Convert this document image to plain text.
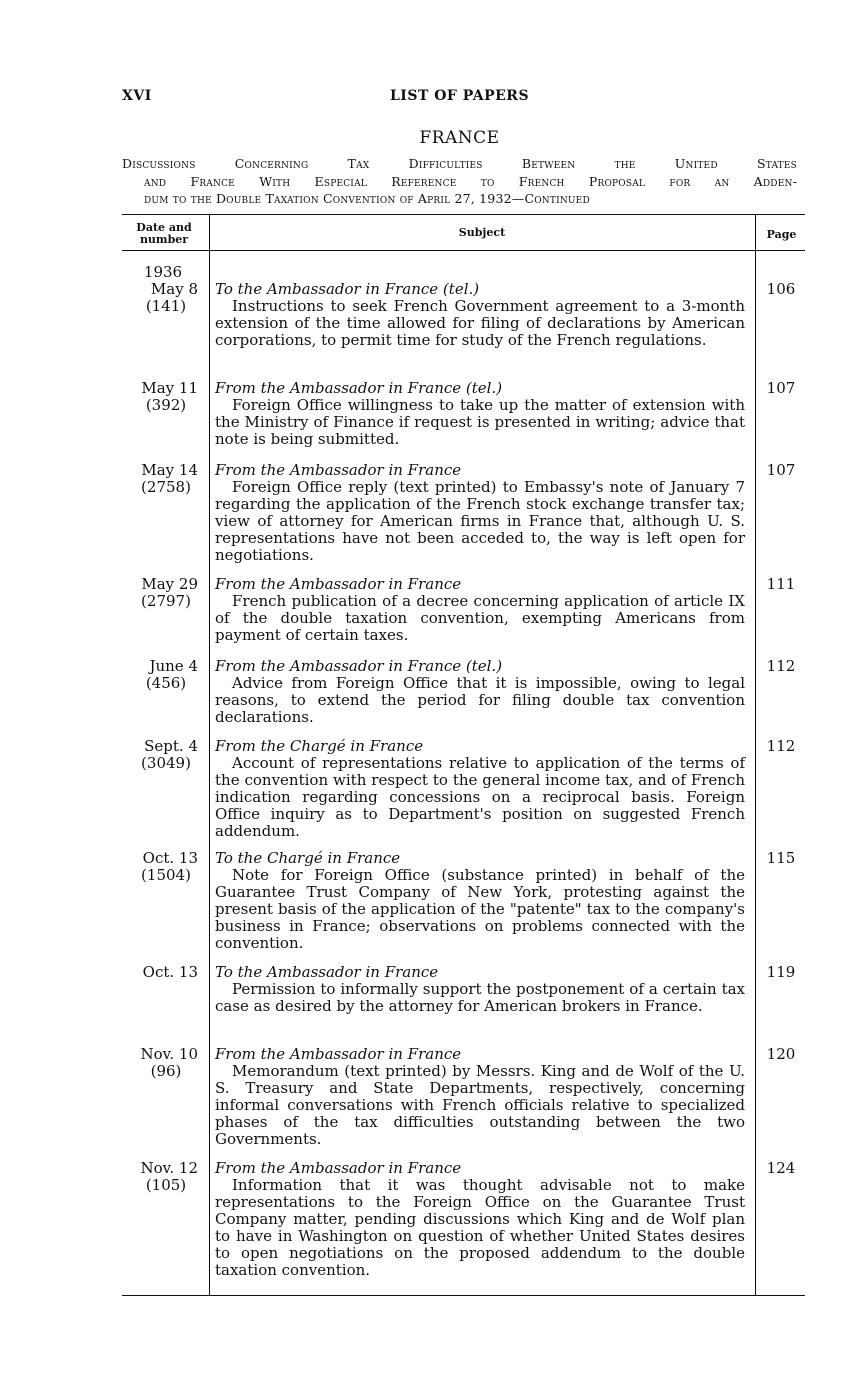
XVI	LIST OF PAPERS
FRANCE
Discussions Concerning Tax Difficulties Between the United States
and France With Especial Reference to French Proposal for an Adden-
dum to the Double Taxation Convention of April 27, 1932—Continued
Date and
number
Subject	Page
1936
May 8
(141)
To the Ambassador in France (tel.)
Instructions to seek French Government agreement to a 3-month extension of the time allowed for filing of declarations by American corporations, to permit time for study of the French regulations.
106
May 11
(392)
From the Ambassador in France (tel.)
Foreign Office willingness to take up the matter of extension with the Ministry of Finance if request is presented in writing; advice that note is being submitted.
107
May 14
(2758)
From the Ambassador in France
Foreign Office reply (text printed) to Embassy's note of January 7 regarding the application of the French stock exchange transfer tax; view of attorney for American firms in France that, although U. S. representations have not been acceded to, the way is left open for negotiations.
107
May 29
(2797)
From the Ambassador in France
French publication of a decree concerning application of article IX of the double taxation convention, exempting Americans from payment of certain taxes.
111
June 4
(456)
From the Ambassador in France (tel.)
Advice from Foreign Office that it is impossible, owing to legal reasons, to extend the period for filing double tax convention declarations.
112
Sept. 4
(3049)
From the Chargé in France
Account of representations relative to application of the terms of the convention with respect to the general income tax, and of French indication regarding concessions on a reciprocal basis. Foreign Office inquiry as to Department's position on suggested French addendum.
112
Oct. 13
(1504)
To the Chargé in France
Note for Foreign Office (substance printed) in behalf of the Guarantee Trust Company of New York, protesting against the present basis of the application of the "patente" tax to the company's business in France; observations on problems connected with the convention.
115
Oct. 13 To the Ambassador in France
Permission to informally support the postponement of a certain tax case as desired by the attorney for American brokers in France.
119
Nov. 10
(96)
From the Ambassador in France
Memorandum (text printed) by Messrs. King and de Wolf of the U. S. Treasury and State Departments, respectively, concerning informal conversations with French officials relative to specialized phases of the tax difficulties outstanding between the two Governments.
120
Nov. 12
(105)
From the Ambassador in France
Information that it was thought advisable not to make representations to the Foreign Office on the Guarantee Trust Company matter, pending discussions which King and de Wolf plan to have in Washington on question of whether United States desires to open negotiations on the proposed addendum to the double taxation convention.
124
